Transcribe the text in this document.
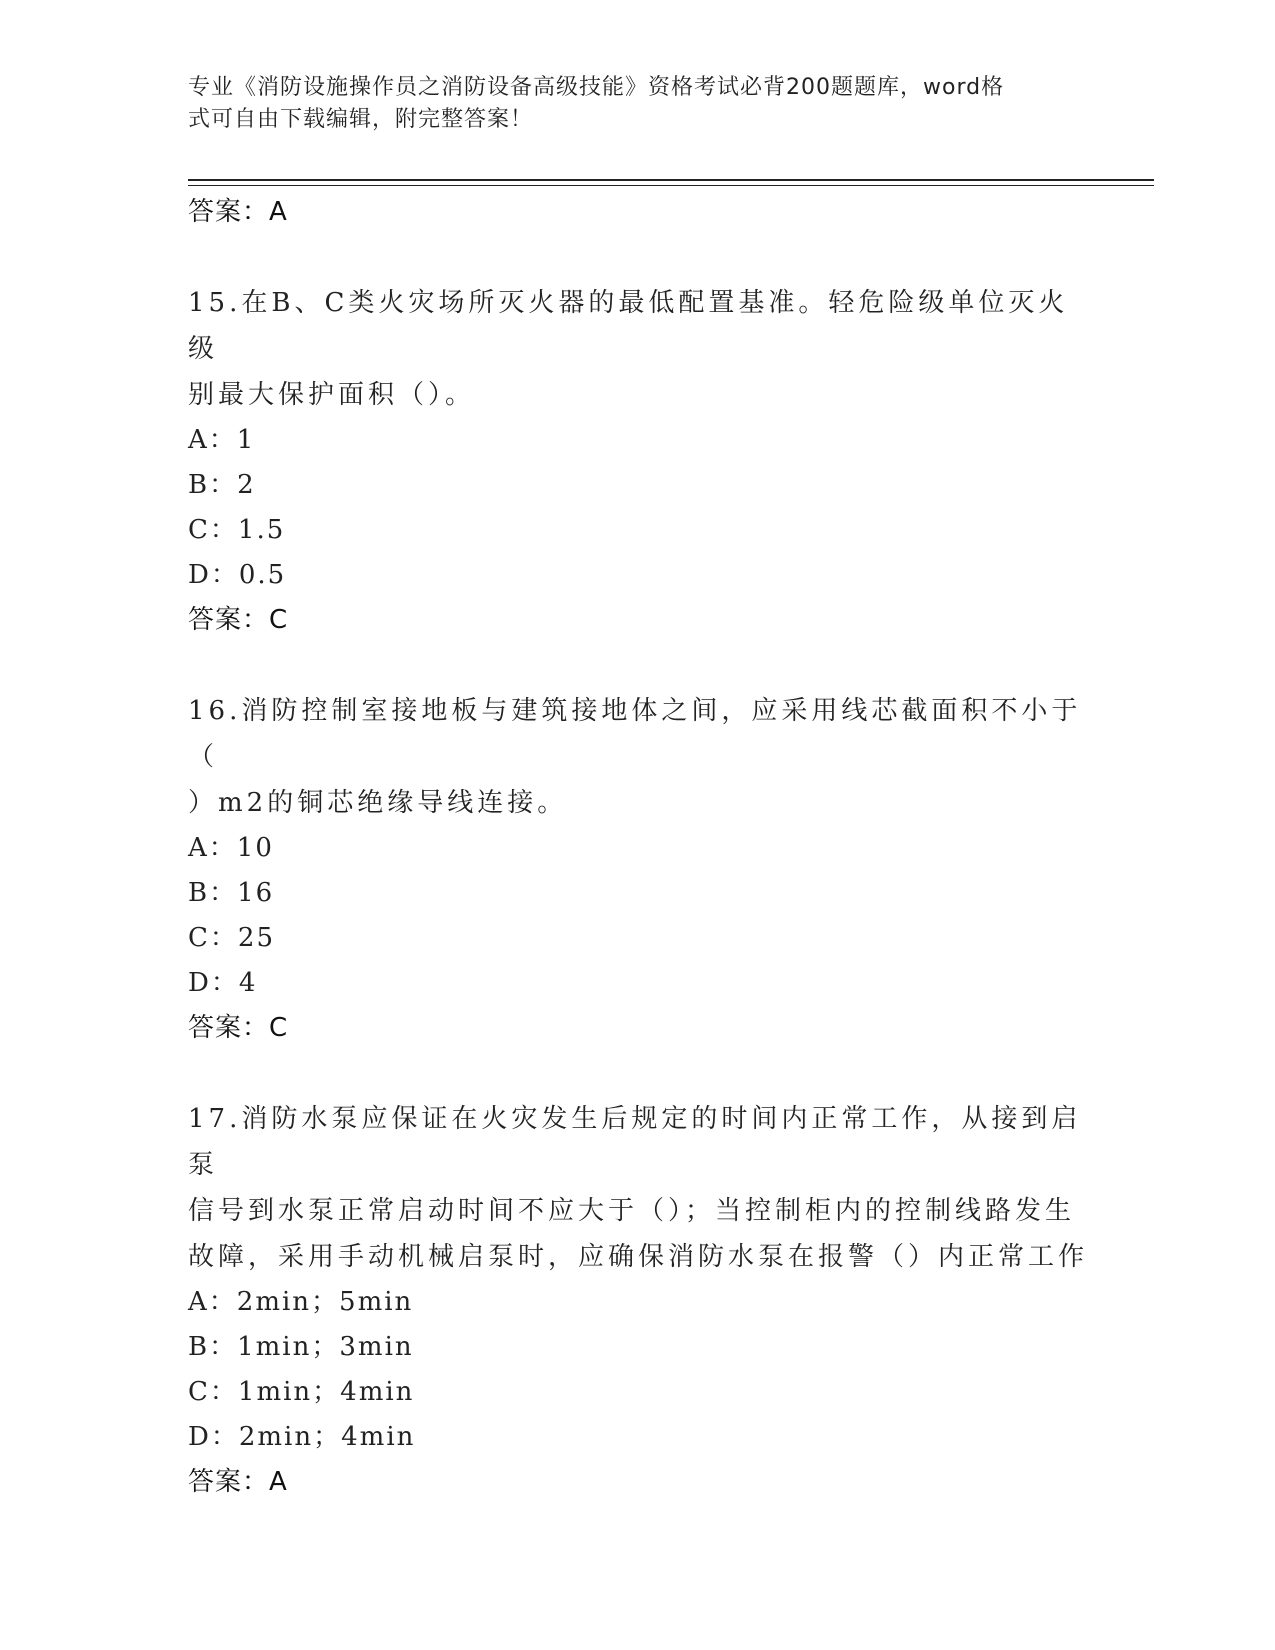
专业《消防设施操作员之消防设备高级技能》资格考试必背200题题库，word格
式可自由下载编辑，附完整答案！

答案：A

15.在B、C类火灾场所灭火器的最低配置基准。轻危险级单位灭火级
别最大保护面积（）。

A：1

B：2

C：1.5

D：0.5

答案：C

16.消防控制室接地板与建筑接地体之间，应采用线芯截面积不小于（
）m2的铜芯绝缘导线连接。

A：10

B：16

C：25

D：4

答案：C

17.消防水泵应保证在火灾发生后规定的时间内正常工作，从接到启泵
信号到水泵正常启动时间不应大于（）；当控制柜内的控制线路发生
故障，采用手动机械启泵时，应确保消防水泵在报警（）内正常工作

A：2min；5min

B：1min；3min

C：1min；4min

D：2min；4min

答案：A
